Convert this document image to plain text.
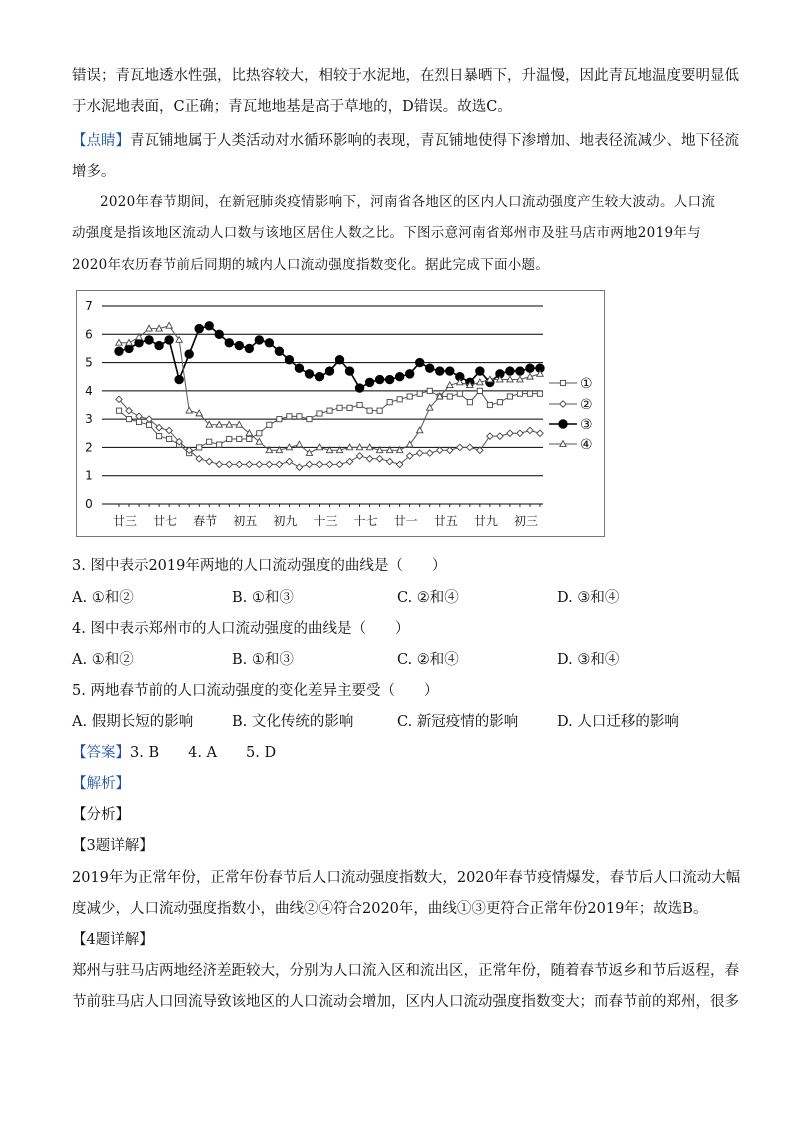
错误；青瓦地透水性强，比热容较大，相较于水泥地，在烈日暴晒下，升温慢，因此青瓦地温度要明显低
于水泥地表面，C正确；青瓦地地基是高于草地的，D错误。故选C。
【点睛】青瓦铺地属于人类活动对水循环影响的表现，青瓦铺地使得下渗增加、地表径流减少、地下径流
增多。
2020年春节期间，在新冠肺炎疫情影响下，河南省各地区的区内人口流动强度产生较大波动。人口流
动强度是指该地区流动人口数与该地区居住人数之比。下图示意河南省郑州市及驻马店市两地2019年与
2020年农历春节前后同期的城内人口流动强度指数变化。据此完成下面小题。
0
1
2
3
4
5
6
7
廿三 廿七 春节 初五 初九 十三 十七 廿一 廿五 廿九 初三
①
②
③
④
3. 图中表示2019年两地的人口流动强度的曲线是（　　）
A. ①和②	B. ①和③	C. ②和④	D. ③和④
4. 图中表示郑州市的人口流动强度的曲线是（　　）
A. ①和②	B. ①和③	C. ②和④	D. ③和④
5. 两地春节前的人口流动强度的变化差异主要受（　　）
A. 假期长短的影响	B. 文化传统的影响	C. 新冠疫情的影响	D. 人口迁移的影响
【答案】3. B　　4. A　　5. D
【解析】
【分析】
【3题详解】
2019年为正常年份，正常年份春节后人口流动强度指数大，2020年春节疫情爆发，春节后人口流动大幅
度减少，人口流动强度指数小，曲线②④符合2020年，曲线①③更符合正常年份2019年；故选B。
【4题详解】
郑州与驻马店两地经济差距较大，分别为人口流入区和流出区，正常年份，随着春节返乡和节后返程，春
节前驻马店人口回流导致该地区的人口流动会增加，区内人口流动强度指数变大；而春节前的郑州，很多
